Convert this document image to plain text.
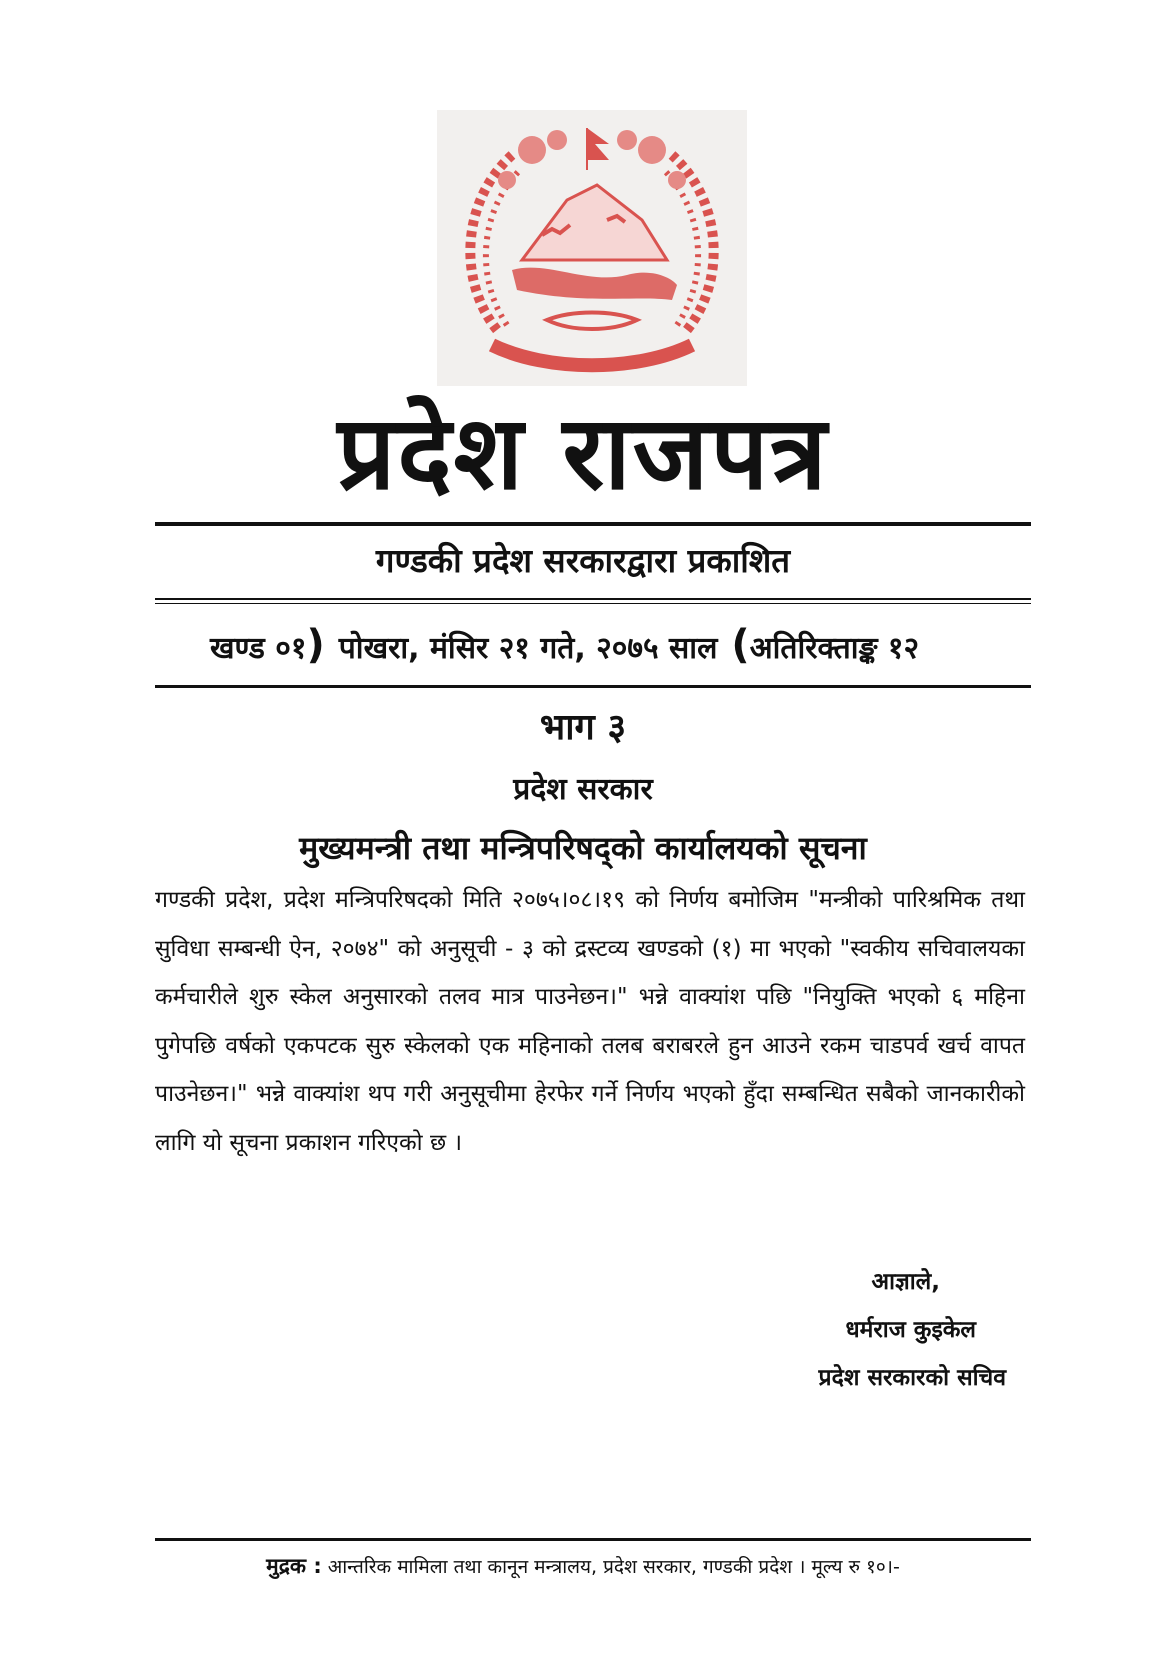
प्रदेश राजपत्र
गण्डकी प्रदेश सरकारद्वारा प्रकाशित
खण्ड ०१ ) पोखरा, मंसिर २१ गते, २०७५ साल ( अतिरिक्ताङ्क १२
भाग ३
प्रदेश सरकार
मुख्यमन्त्री तथा मन्त्रिपरिषद्को कार्यालयको सूचना
गण्डकी प्रदेश, प्रदेश मन्त्रिपरिषदको मिति २०७५।०८।१९ को निर्णय बमोजिम "मन्त्रीको पारिश्रमिक तथा सुविधा सम्बन्धी ऐन, २०७४" को अनुसूची - ३ को द्रस्टव्य खण्डको (१) मा भएको "स्वकीय सचिवालयका कर्मचारीले शुरु स्केल अनुसारको तलव मात्र पाउनेछन।" भन्ने वाक्यांश पछि "नियुक्ति भएको ६ महिना पुगेपछि वर्षको एकपटक सुरु स्केलको एक महिनाको तलब बराबरले हुन आउने रकम चाडपर्व खर्च वापत पाउनेछन।" भन्ने वाक्यांश थप गरी अनुसूचीमा हेरफेर गर्ने निर्णय भएको हुँदा सम्बन्धित सबैको जानकारीको लागि यो सूचना प्रकाशन गरिएको छ ।
आज्ञाले,
धर्मराज कुइकेल
प्रदेश सरकारको सचिव
मुद्रक : आन्तरिक मामिला तथा कानून मन्त्रालय, प्रदेश सरकार, गण्डकी प्रदेश । मूल्य रु १०।-
